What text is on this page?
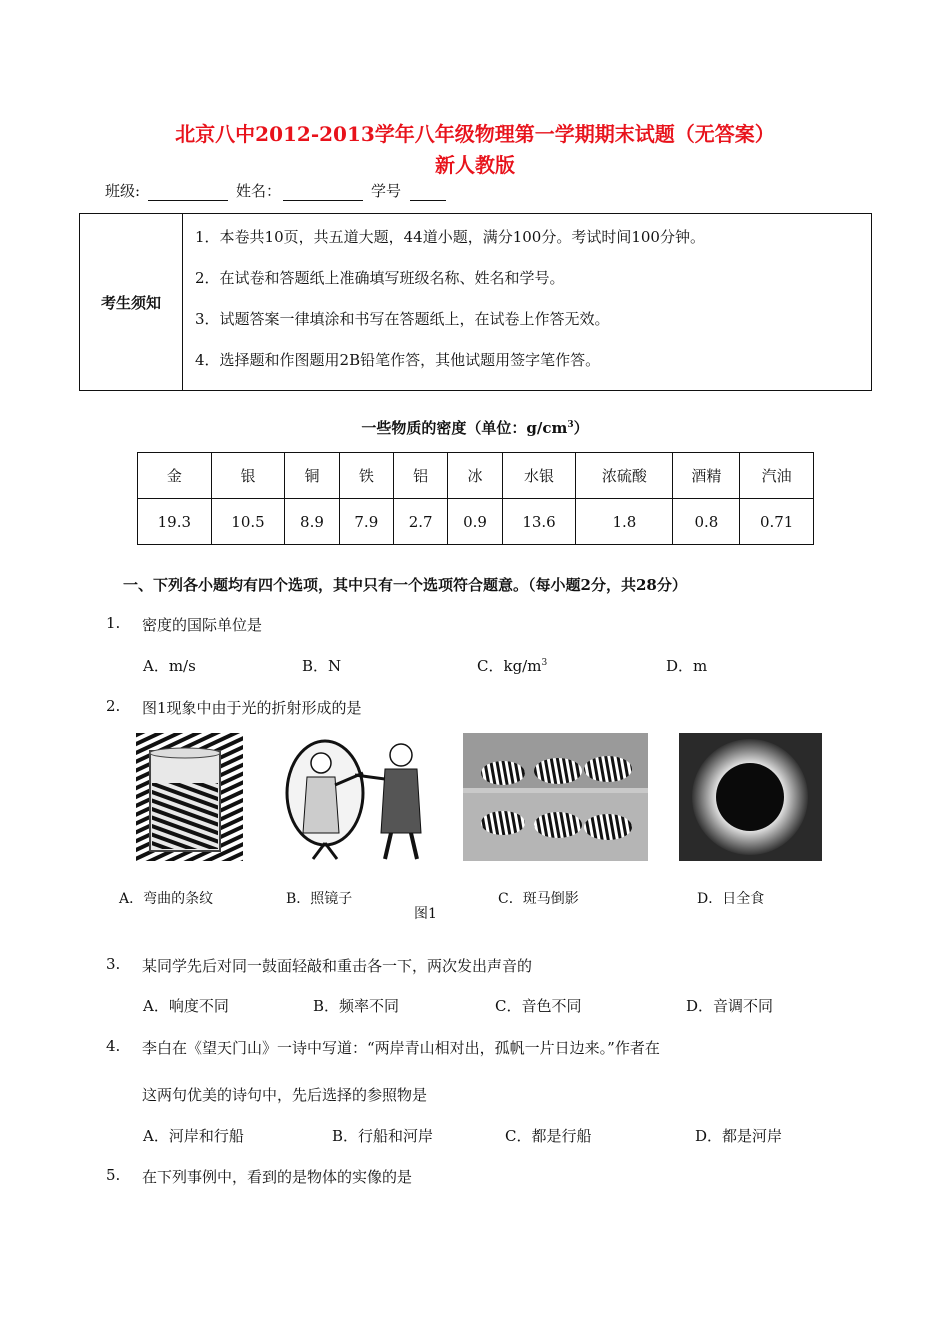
北京八中2012-2013学年八年级物理第一学期期末试题（无答案）
新人教版
班级:	姓名：	学号
考生须知	
1．本卷共10页，共五道大题，44道小题，满分100分。考试时间100分钟。
2．在试卷和答题纸上准确填写班级名称、姓名和学号。
3．试题答案一律填涂和书写在答题纸上，在试卷上作答无效。
4．选择题和作图题用2B铅笔作答，其他试题用签字笔作答。
一些物质的密度（单位：$g/cm^3$）
金	银	铜	铁	铝	冰	水银	浓硫酸	酒精	汽油
19.3	10.5	8.9	7.9	2.7	0.9	13.6	1.8	0.8	0.71
一、下列各小题均有四个选项，其中只有一个选项符合题意。（每小题2分，共28分）
1. 密度的国际单位是
A．m/s	B．N	C．$kg/m^3$	D．m
2. 图1现象中由于光的折射形成的是
A．弯曲的条纹	B．照镜子	C．斑马倒影	D．日全食
图1
3. 某同学先后对同一鼓面轻敲和重击各一下，两次发出声音的
A．响度不同	B．频率不同	C．音色不同	D．音调不同
4. 李白在《望天门山》一诗中写道：“两岸青山相对出，孤帆一片日边来。”作者在
这两句优美的诗句中，先后选择的参照物是
A．河岸和行船	B．行船和河岸	C．都是行船	D．都是河岸
5. 在下列事例中，看到的是物体的实像的是
